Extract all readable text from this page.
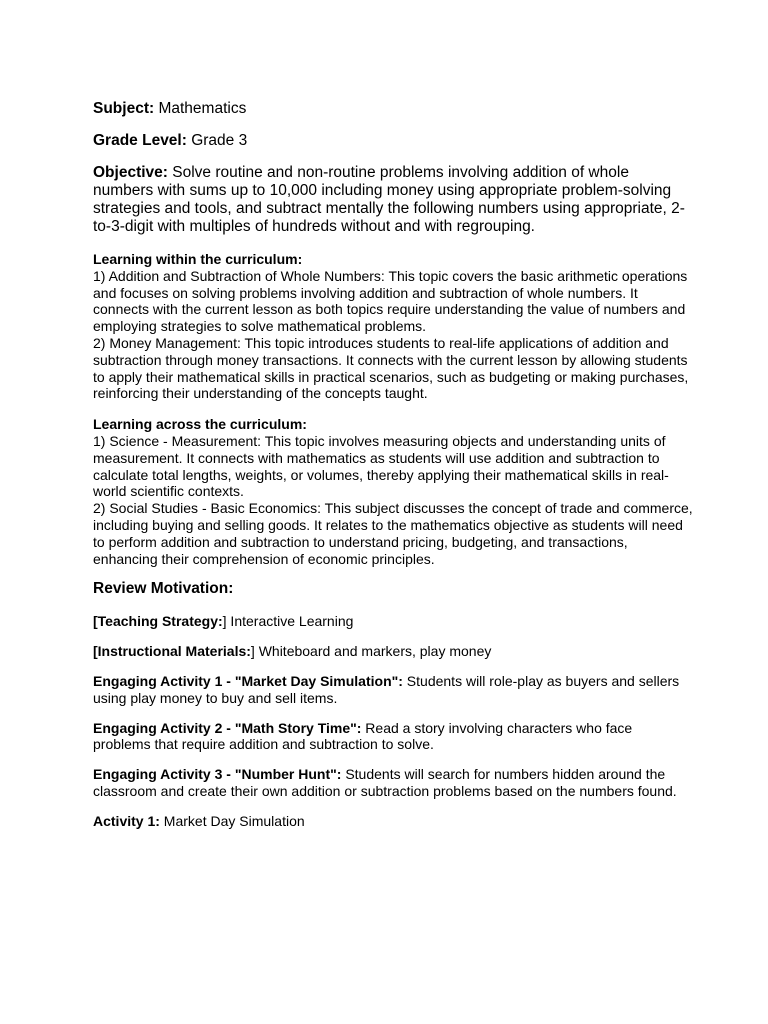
Subject: Mathematics

Grade Level: Grade 3

Objective: Solve routine and non-routine problems involving addition of whole numbers with sums up to 10,000 including money using appropriate problem-solving strategies and tools, and subtract mentally the following numbers using appropriate, 2-to-3-digit with multiples of hundreds without and with regrouping.

Learning within the curriculum:
1) Addition and Subtraction of Whole Numbers: This topic covers the basic arithmetic operations and focuses on solving problems involving addition and subtraction of whole numbers. It connects with the current lesson as both topics require understanding the value of numbers and employing strategies to solve mathematical problems.
2) Money Management: This topic introduces students to real-life applications of addition and subtraction through money transactions. It connects with the current lesson by allowing students to apply their mathematical skills in practical scenarios, such as budgeting or making purchases, reinforcing their understanding of the concepts taught.
Learning across the curriculum:
1) Science - Measurement: This topic involves measuring objects and understanding units of measurement. It connects with mathematics as students will use addition and subtraction to calculate total lengths, weights, or volumes, thereby applying their mathematical skills in real-world scientific contexts.
2) Social Studies - Basic Economics: This subject discusses the concept of trade and commerce, including buying and selling goods. It relates to the mathematics objective as students will need to perform addition and subtraction to understand pricing, budgeting, and transactions, enhancing their comprehension of economic principles.

Review Motivation:

[Teaching Strategy:] Interactive Learning

[Instructional Materials:] Whiteboard and markers, play money

Engaging Activity 1 - "Market Day Simulation": Students will role-play as buyers and sellers using play money to buy and sell items.

Engaging Activity 2 - "Math Story Time": Read a story involving characters who face problems that require addition and subtraction to solve.

Engaging Activity 3 - "Number Hunt": Students will search for numbers hidden around the classroom and create their own addition or subtraction problems based on the numbers found.

Activity 1: Market Day Simulation
